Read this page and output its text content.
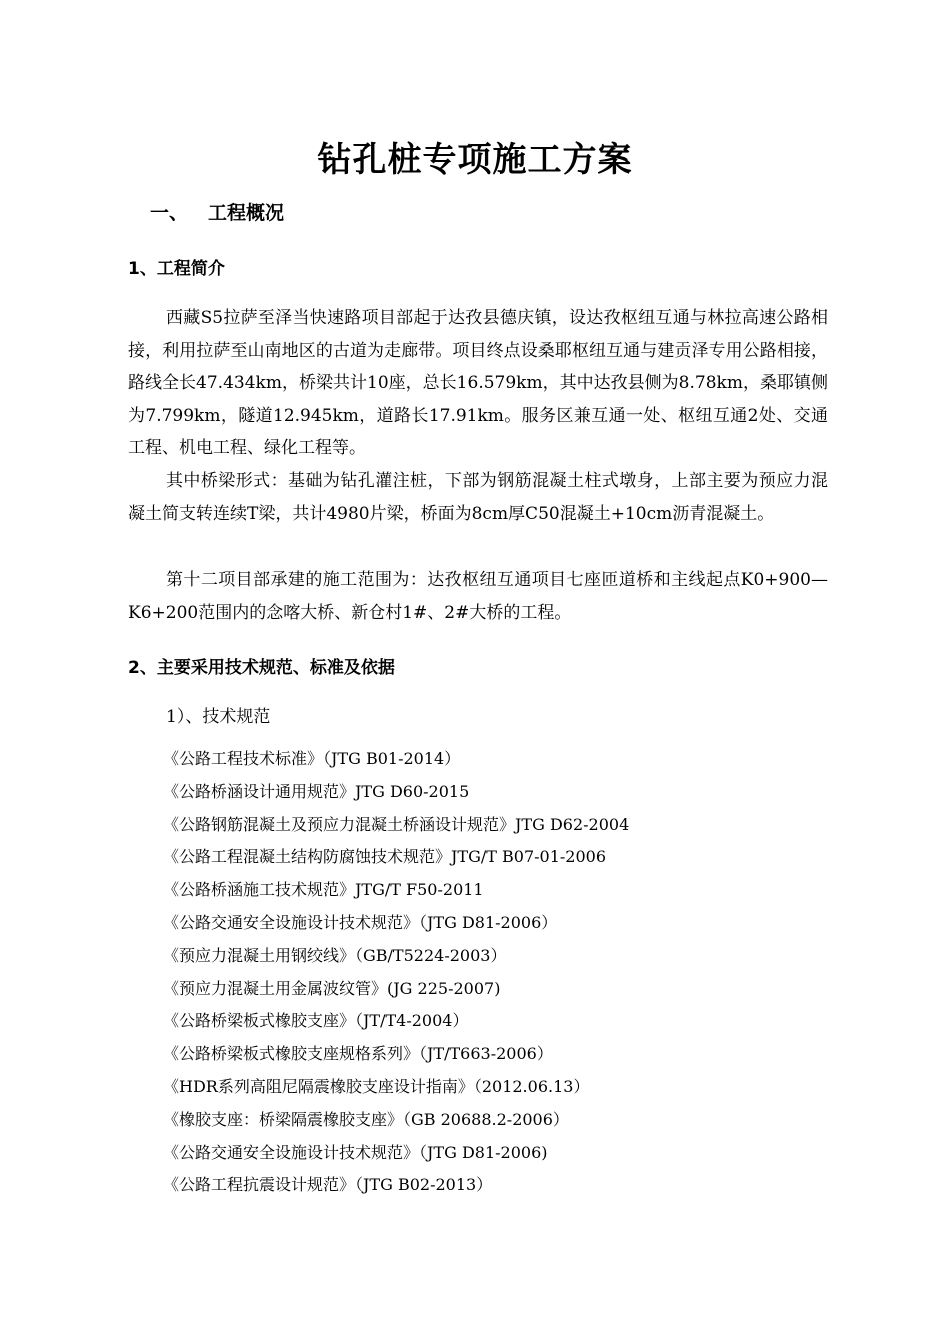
钻孔桩专项施工方案
一、 工程概况
1、工程简介
西藏S5拉萨至泽当快速路项目部起于达孜县德庆镇，设达孜枢纽互通与林拉高速公路相接，利用拉萨至山南地区的古道为走廊带。项目终点设桑耶枢纽互通与建贡泽专用公路相接，路线全长47.434km，桥梁共计10座，总长16.579km，其中达孜县侧为8.78km，桑耶镇侧为7.799km，隧道12.945km，道路长17.91km。服务区兼互通一处、枢纽互通2处、交通工程、机电工程、绿化工程等。
其中桥梁形式：基础为钻孔灌注桩，下部为钢筋混凝土柱式墩身，上部主要为预应力混凝土简支转连续T梁，共计4980片梁，桥面为8cm厚C50混凝土+10cm沥青混凝土。
第十二项目部承建的施工范围为：达孜枢纽互通项目七座匝道桥和主线起点K0+900—K6+200范围内的念喀大桥、新仓村1#、2#大桥的工程。
2、主要采用技术规范、标准及依据
1）、技术规范
《公路工程技术标准》（JTG B01-2014）
《公路桥涵设计通用规范》JTG D60-2015
《公路钢筋混凝土及预应力混凝土桥涵设计规范》JTG D62-2004
《公路工程混凝土结构防腐蚀技术规范》JTG/T B07-01-2006
《公路桥涵施工技术规范》JTG/T F50-2011
《公路交通安全设施设计技术规范》（JTG D81-2006）
《预应力混凝土用钢绞线》（GB/T5224-2003）
《预应力混凝土用金属波纹管》(JG 225-2007)
《公路桥梁板式橡胶支座》（JT/T4-2004）
《公路桥梁板式橡胶支座规格系列》（JT/T663-2006）
《HDR系列高阻尼隔震橡胶支座设计指南》（2012.06.13）
《橡胶支座：桥梁隔震橡胶支座》（GB 20688.2-2006）
《公路交通安全设施设计技术规范》（JTG D81-2006)
《公路工程抗震设计规范》（JTG B02-2013）
